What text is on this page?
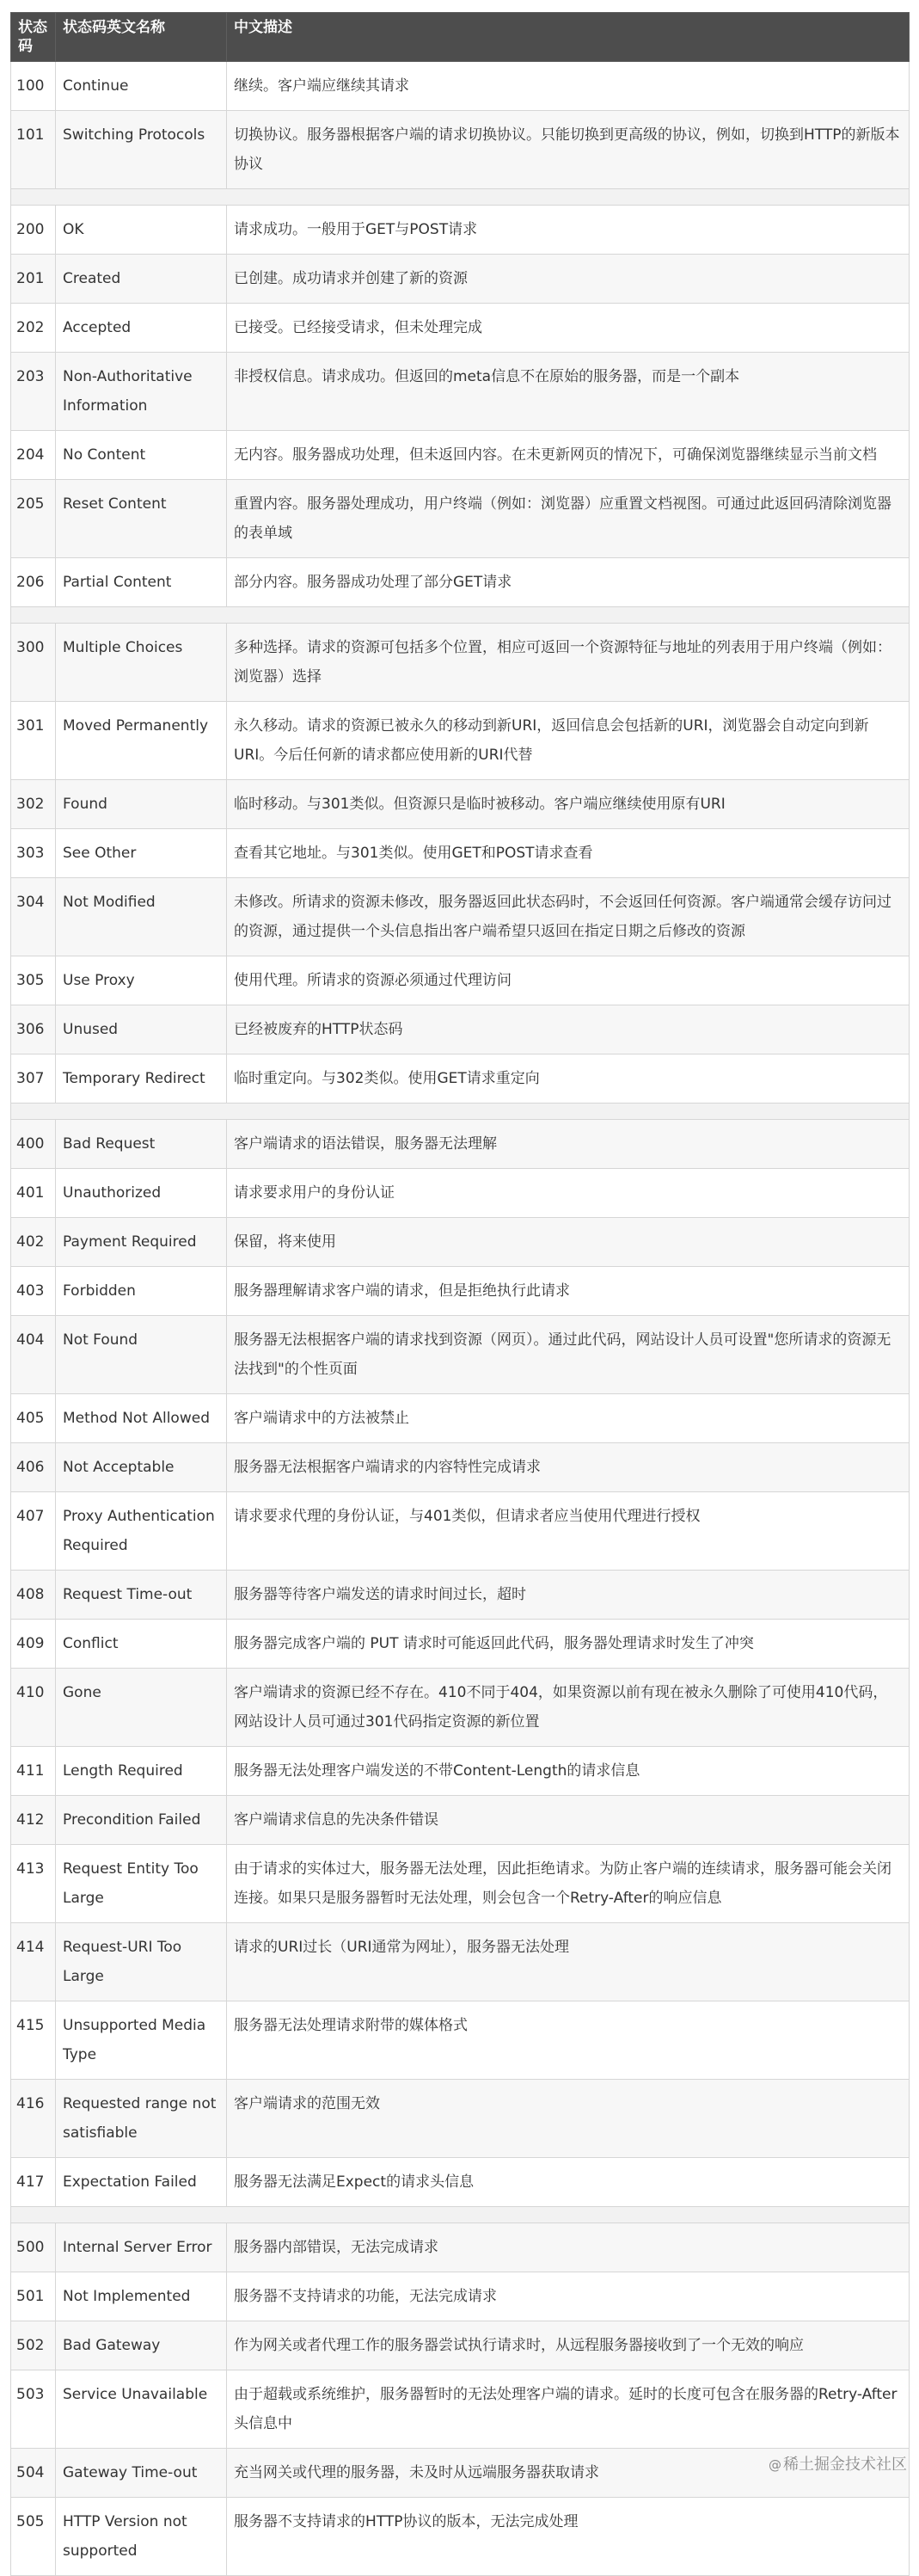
状态码	状态码英文名称	中文描述
100	Continue	继续。客户端应继续其请求
101	Switching Protocols	切换协议。服务器根据客户端的请求切换协议。只能切换到更高级的协议，例如，切换到HTTP的新版本协议

200	OK	请求成功。一般用于GET与POST请求
201	Created	已创建。成功请求并创建了新的资源
202	Accepted	已接受。已经接受请求，但未处理完成
203	Non-Authoritative Information	非授权信息。请求成功。但返回的meta信息不在原始的服务器，而是一个副本
204	No Content	无内容。服务器成功处理，但未返回内容。在未更新网页的情况下，可确保浏览器继续显示当前文档
205	Reset Content	重置内容。服务器处理成功，用户终端（例如：浏览器）应重置文档视图。可通过此返回码清除浏览器的表单域
206	Partial Content	部分内容。服务器成功处理了部分GET请求

300	Multiple Choices	多种选择。请求的资源可包括多个位置，相应可返回一个资源特征与地址的列表用于用户终端（例如：浏览器）选择
301	Moved Permanently	永久移动。请求的资源已被永久的移动到新URI，返回信息会包括新的URI，浏览器会自动定向到新URI。今后任何新的请求都应使用新的URI代替
302	Found	临时移动。与301类似。但资源只是临时被移动。客户端应继续使用原有URI
303	See Other	查看其它地址。与301类似。使用GET和POST请求查看
304	Not Modified	未修改。所请求的资源未修改，服务器返回此状态码时，不会返回任何资源。客户端通常会缓存访问过的资源，通过提供一个头信息指出客户端希望只返回在指定日期之后修改的资源
305	Use Proxy	使用代理。所请求的资源必须通过代理访问
306	Unused	已经被废弃的HTTP状态码
307	Temporary Redirect	临时重定向。与302类似。使用GET请求重定向

400	Bad Request	客户端请求的语法错误，服务器无法理解
401	Unauthorized	请求要求用户的身份认证
402	Payment Required	保留，将来使用
403	Forbidden	服务器理解请求客户端的请求，但是拒绝执行此请求
404	Not Found	服务器无法根据客户端的请求找到资源（网页）。通过此代码，网站设计人员可设置"您所请求的资源无法找到"的个性页面
405	Method Not Allowed	客户端请求中的方法被禁止
406	Not Acceptable	服务器无法根据客户端请求的内容特性完成请求
407	Proxy Authentication Required	请求要求代理的身份认证，与401类似，但请求者应当使用代理进行授权
408	Request Time-out	服务器等待客户端发送的请求时间过长，超时
409	Conflict	服务器完成客户端的 PUT 请求时可能返回此代码，服务器处理请求时发生了冲突
410	Gone	客户端请求的资源已经不存在。410不同于404，如果资源以前有现在被永久删除了可使用410代码，网站设计人员可通过301代码指定资源的新位置
411	Length Required	服务器无法处理客户端发送的不带Content-Length的请求信息
412	Precondition Failed	客户端请求信息的先决条件错误
413	Request Entity Too Large	由于请求的实体过大，服务器无法处理，因此拒绝请求。为防止客户端的连续请求，服务器可能会关闭连接。如果只是服务器暂时无法处理，则会包含一个Retry-After的响应信息
414	Request-URI Too Large	请求的URI过长（URI通常为网址），服务器无法处理
415	Unsupported Media Type	服务器无法处理请求附带的媒体格式
416	Requested range not satisfiable	客户端请求的范围无效
417	Expectation Failed	服务器无法满足Expect的请求头信息

500	Internal Server Error	服务器内部错误，无法完成请求
501	Not Implemented	服务器不支持请求的功能，无法完成请求
502	Bad Gateway	作为网关或者代理工作的服务器尝试执行请求时，从远程服务器接收到了一个无效的响应
503	Service Unavailable	由于超载或系统维护，服务器暂时的无法处理客户端的请求。延时的长度可包含在服务器的Retry-After头信息中
504	Gateway Time-out	充当网关或代理的服务器，未及时从远端服务器获取请求
505	HTTP Version not supported	服务器不支持请求的HTTP协议的版本，无法完成处理
@ 稀土掘金技术社区
